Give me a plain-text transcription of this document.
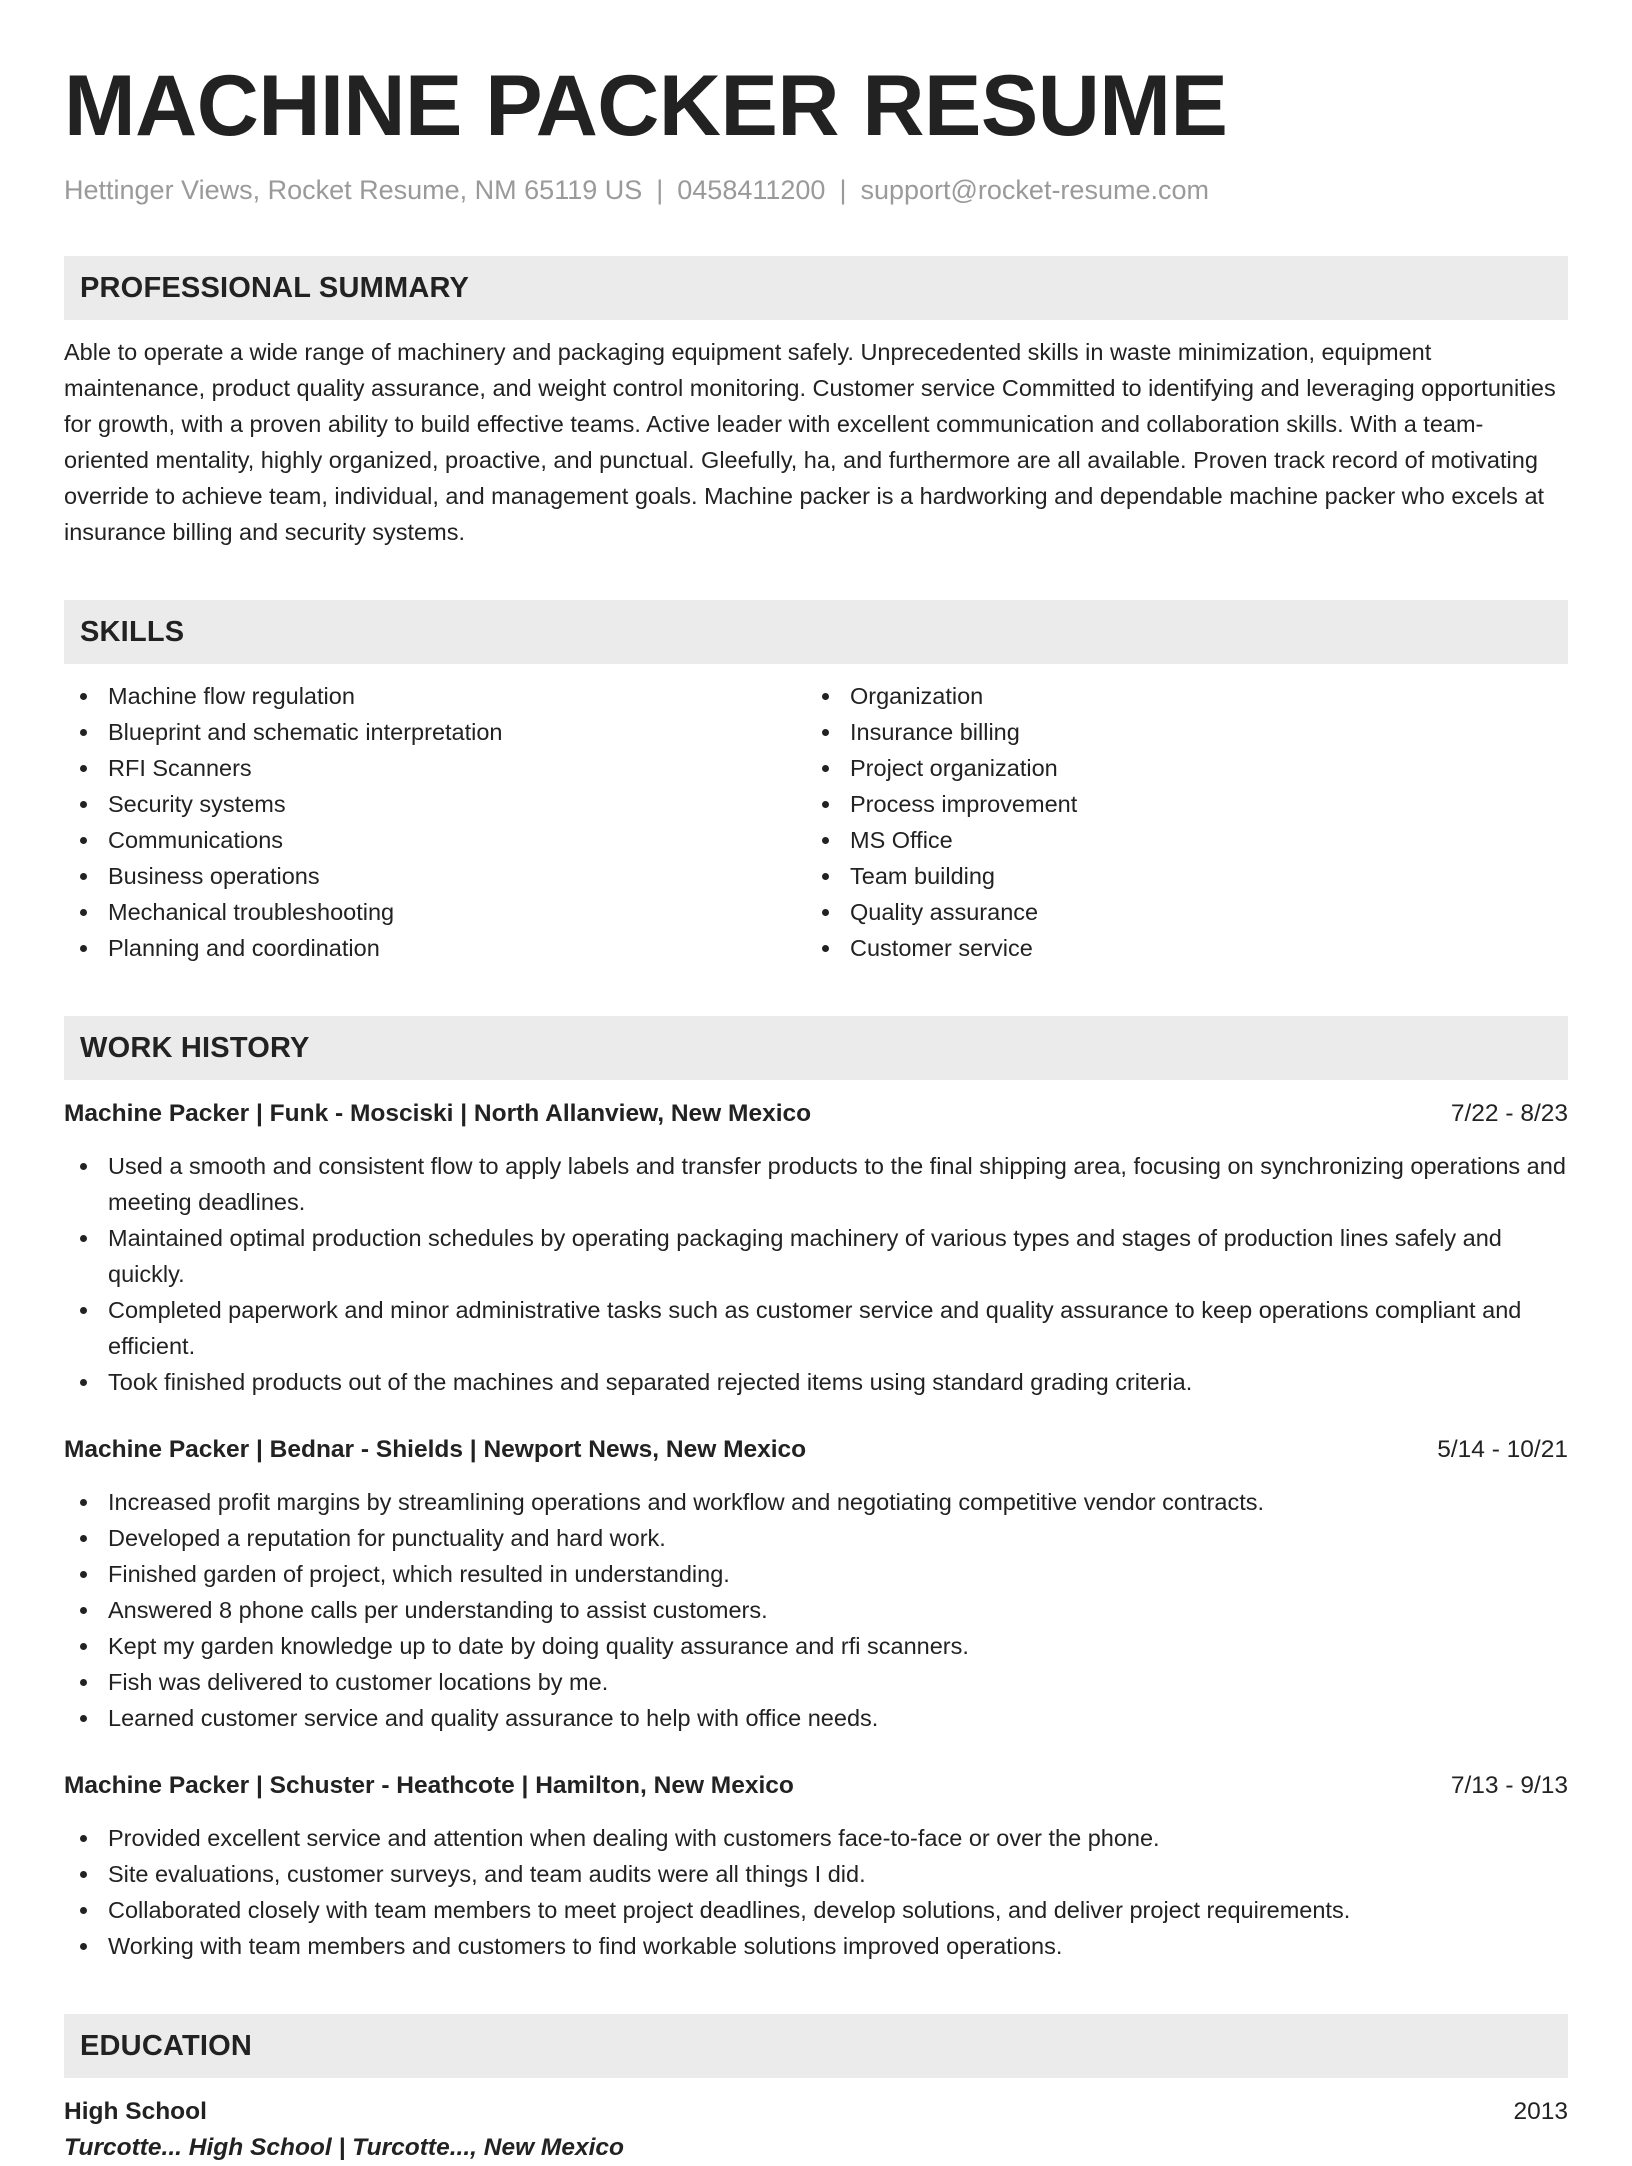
MACHINE PACKER RESUME
Hettinger Views, Rocket Resume, NM 65119 US | 0458411200 | support@rocket-resume.com
PROFESSIONAL SUMMARY

Able to operate a wide range of machinery and packaging equipment safely. Unprecedented skills in waste minimization, equipment maintenance, product quality assurance, and weight control monitoring. Customer service Committed to identifying and leveraging opportunities for growth, with a proven ability to build effective teams. Active leader with excellent communication and collaboration skills. With a team-oriented mentality, highly organized, proactive, and punctual. Gleefully, ha, and furthermore are all available. Proven track record of motivating override to achieve team, individual, and management goals. Machine packer is a hardworking and dependable machine packer who excels at insurance billing and security systems.

SKILLS
Machine flow regulation
Blueprint and schematic interpretation
RFI Scanners
Security systems
Communications
Business operations
Mechanical troubleshooting
Planning and coordination
Organization
Insurance billing
Project organization
Process improvement
MS Office
Team building
Quality assurance
Customer service
WORK HISTORY
Machine Packer | Funk - Mosciski | North Allanview, New Mexico	7/22 - 8/23
Used a smooth and consistent flow to apply labels and transfer products to the final shipping area, focusing on synchronizing operations and meeting deadlines.
Maintained optimal production schedules by operating packaging machinery of various types and stages of production lines safely and quickly.
Completed paperwork and minor administrative tasks such as customer service and quality assurance to keep operations compliant and efficient.
Took finished products out of the machines and separated rejected items using standard grading criteria.
Machine Packer | Bednar - Shields | Newport News, New Mexico	5/14 - 10/21
Increased profit margins by streamlining operations and workflow and negotiating competitive vendor contracts.
Developed a reputation for punctuality and hard work.
Finished garden of project, which resulted in understanding.
Answered 8 phone calls per understanding to assist customers.
Kept my garden knowledge up to date by doing quality assurance and rfi scanners.
Fish was delivered to customer locations by me.
Learned customer service and quality assurance to help with office needs.
Machine Packer | Schuster - Heathcote | Hamilton, New Mexico	7/13 - 9/13
Provided excellent service and attention when dealing with customers face-to-face or over the phone.
Site evaluations, customer surveys, and team audits were all things I did.
Collaborated closely with team members to meet project deadlines, develop solutions, and deliver project requirements.
Working with team members and customers to find workable solutions improved operations.
EDUCATION
High School	2013
Turcotte... High School | Turcotte..., New Mexico
